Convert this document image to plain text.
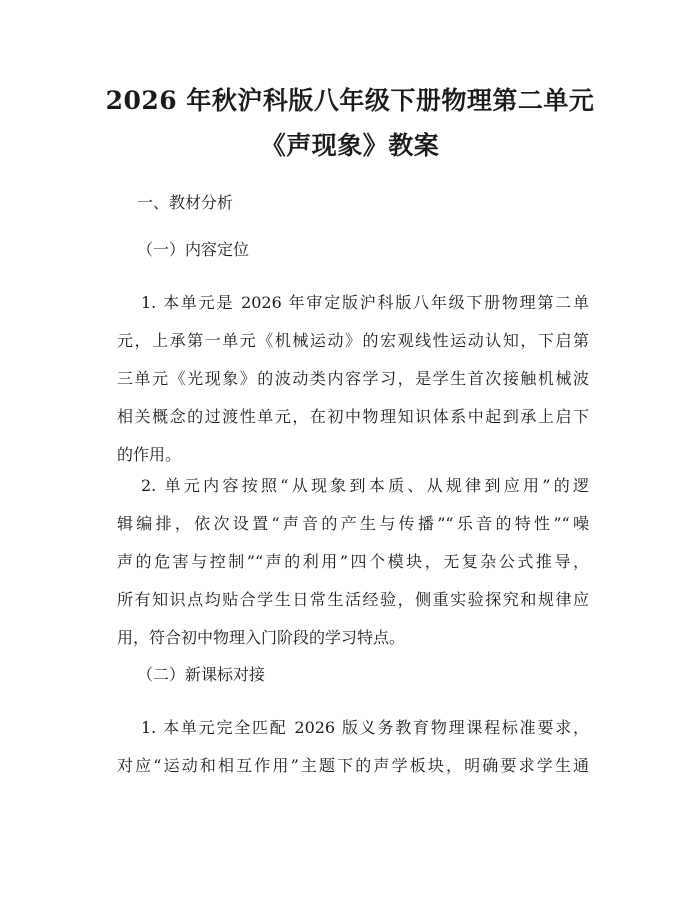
2026 年秋沪科版八年级下册物理第二单元
《声现象》教案
一、教材分析
（一）内容定位
1. 本单元是 2026 年审定版沪科版八年级下册物理第二单
元，上承第一单元《机械运动》的宏观线性运动认知，下启第
三单元《光现象》的波动类内容学习，是学生首次接触机械波
相关概念的过渡性单元，在初中物理知识体系中起到承上启下
的作用。
2. 单元内容按照“从现象到本质、从规律到应用”的逻
辑编排，依次设置“声音的产生与传播”“乐音的特性”“噪
声的危害与控制”“声的利用”四个模块，无复杂公式推导，
所有知识点均贴合学生日常生活经验，侧重实验探究和规律应
用，符合初中物理入门阶段的学习特点。
（二）新课标对接
1. 本单元完全匹配 2026 版义务教育物理课程标准要求，
对应“运动和相互作用”主题下的声学板块，明确要求学生通
